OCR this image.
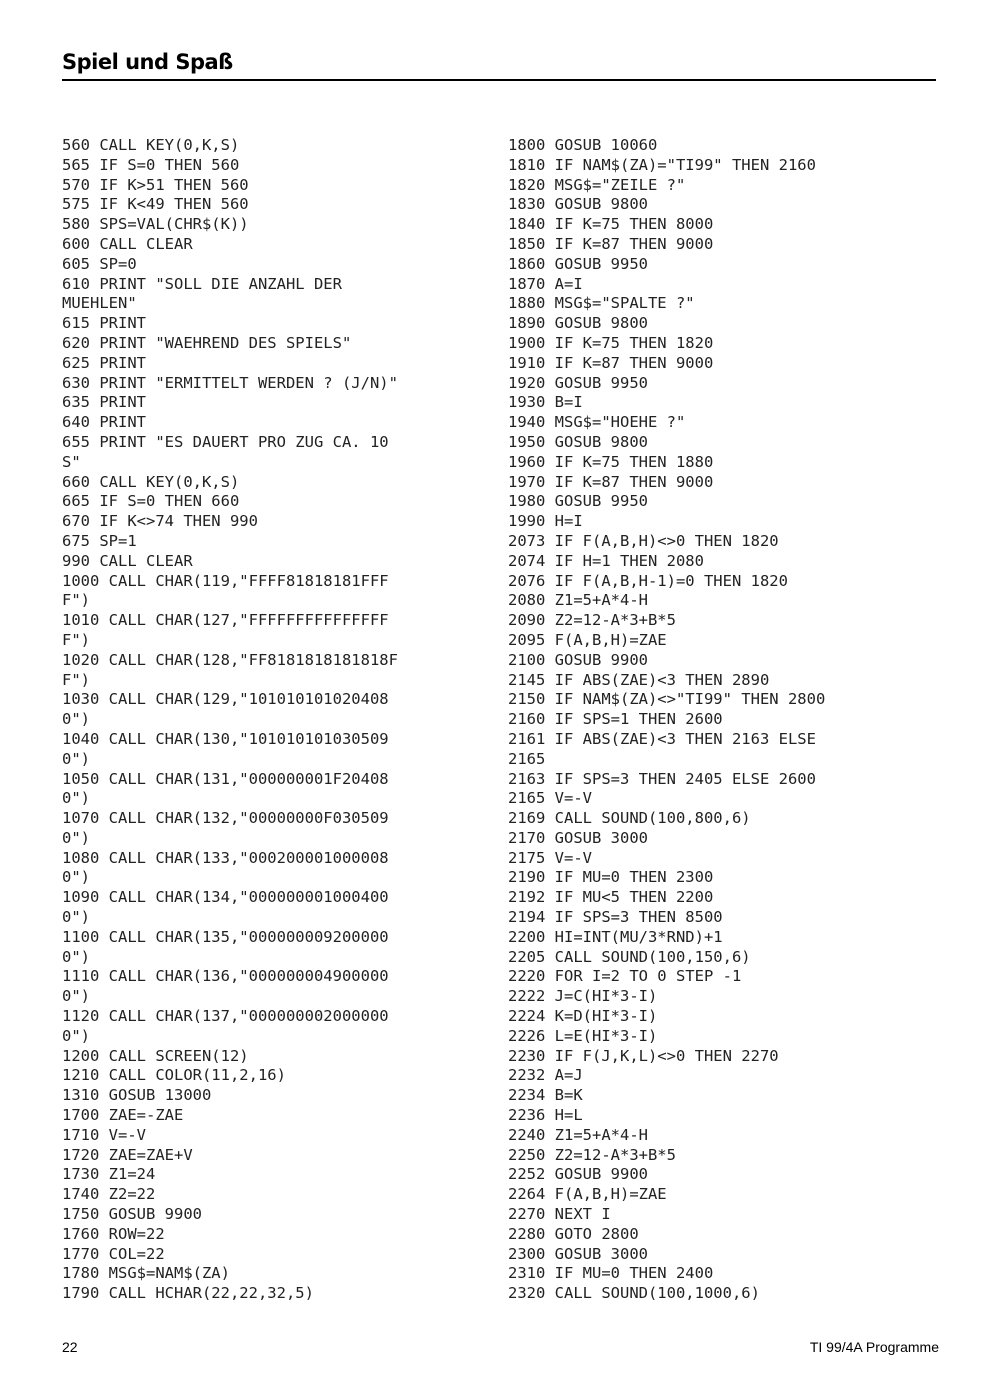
Spiel und Spaß
560 CALL KEY(0,K,S)
565 IF S=0 THEN 560
570 IF K>51 THEN 560
575 IF K<49 THEN 560
580 SPS=VAL(CHR$(K))
600 CALL CLEAR
605 SP=0
610 PRINT "SOLL DIE ANZAHL DER
MUEHLEN"
615 PRINT
620 PRINT "WAEHREND DES SPIELS"
625 PRINT
630 PRINT "ERMITTELT WERDEN ? (J/N)"
635 PRINT
640 PRINT
655 PRINT "ES DAUERT PRO ZUG CA. 10
S"
660 CALL KEY(0,K,S)
665 IF S=0 THEN 660
670 IF K<>74 THEN 990
675 SP=1
990 CALL CLEAR
1000 CALL CHAR(119,"FFFF81818181FFF
F")
1010 CALL CHAR(127,"FFFFFFFFFFFFFFF
F")
1020 CALL CHAR(128,"FF8181818181818F
F")
1030 CALL CHAR(129,"101010101020408
0")
1040 CALL CHAR(130,"101010101030509
0")
1050 CALL CHAR(131,"000000001F20408
0")
1070 CALL CHAR(132,"00000000F030509
0")
1080 CALL CHAR(133,"000200001000008
0")
1090 CALL CHAR(134,"000000001000400
0")
1100 CALL CHAR(135,"000000009200000
0")
1110 CALL CHAR(136,"000000004900000
0")
1120 CALL CHAR(137,"000000002000000
0")
1200 CALL SCREEN(12)
1210 CALL COLOR(11,2,16)
1310 GOSUB 13000
1700 ZAE=-ZAE
1710 V=-V
1720 ZAE=ZAE+V
1730 Z1=24
1740 Z2=22
1750 GOSUB 9900
1760 ROW=22
1770 COL=22
1780 MSG$=NAM$(ZA)
1790 CALL HCHAR(22,22,32,5)
1800 GOSUB 10060
1810 IF NAM$(ZA)="TI99" THEN 2160
1820 MSG$="ZEILE ?"
1830 GOSUB 9800
1840 IF K=75 THEN 8000
1850 IF K=87 THEN 9000
1860 GOSUB 9950
1870 A=I
1880 MSG$="SPALTE ?"
1890 GOSUB 9800
1900 IF K=75 THEN 1820
1910 IF K=87 THEN 9000
1920 GOSUB 9950
1930 B=I
1940 MSG$="HOEHE ?"
1950 GOSUB 9800
1960 IF K=75 THEN 1880
1970 IF K=87 THEN 9000
1980 GOSUB 9950
1990 H=I
2073 IF F(A,B,H)<>0 THEN 1820
2074 IF H=1 THEN 2080
2076 IF F(A,B,H-1)=0 THEN 1820
2080 Z1=5+A*4-H
2090 Z2=12-A*3+B*5
2095 F(A,B,H)=ZAE
2100 GOSUB 9900
2145 IF ABS(ZAE)<3 THEN 2890
2150 IF NAM$(ZA)<>"TI99" THEN 2800
2160 IF SPS=1 THEN 2600
2161 IF ABS(ZAE)<3 THEN 2163 ELSE
2165
2163 IF SPS=3 THEN 2405 ELSE 2600
2165 V=-V
2169 CALL SOUND(100,800,6)
2170 GOSUB 3000
2175 V=-V
2190 IF MU=0 THEN 2300
2192 IF MU<5 THEN 2200
2194 IF SPS=3 THEN 8500
2200 HI=INT(MU/3*RND)+1
2205 CALL SOUND(100,150,6)
2220 FOR I=2 TO 0 STEP -1
2222 J=C(HI*3-I)
2224 K=D(HI*3-I)
2226 L=E(HI*3-I)
2230 IF F(J,K,L)<>0 THEN 2270
2232 A=J
2234 B=K
2236 H=L
2240 Z1=5+A*4-H
2250 Z2=12-A*3+B*5
2252 GOSUB 9900
2264 F(A,B,H)=ZAE
2270 NEXT I
2280 GOTO 2800
2300 GOSUB 3000
2310 IF MU=0 THEN 2400
2320 CALL SOUND(100,1000,6)
22	TI 99/4A Programme
